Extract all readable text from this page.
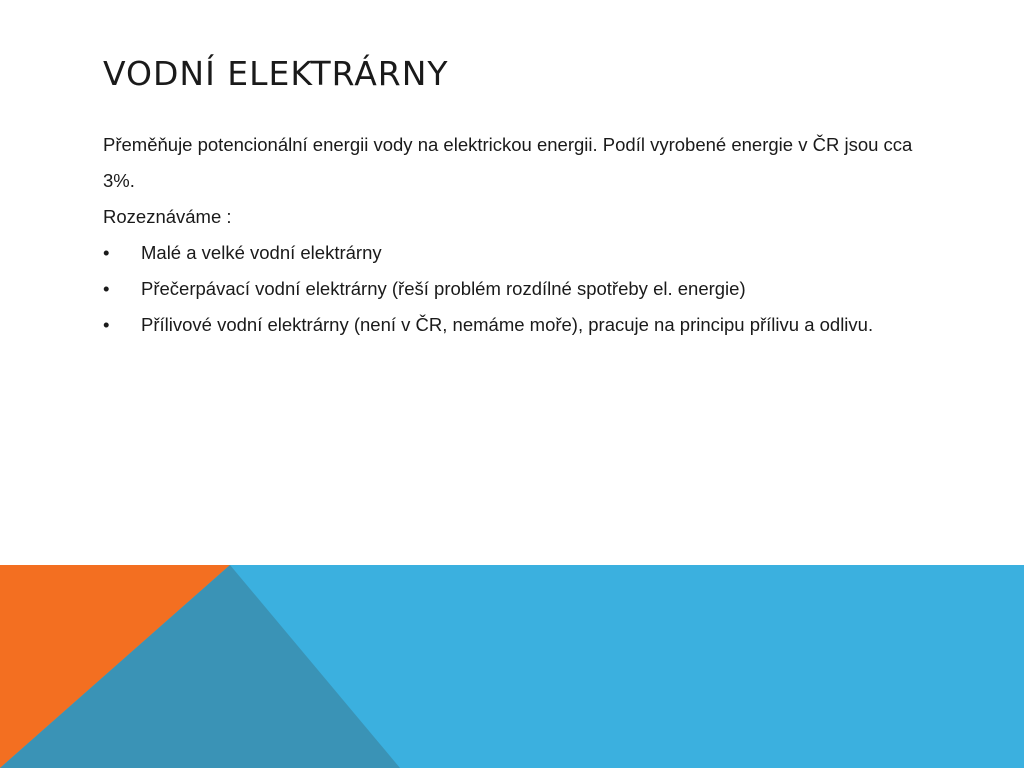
VODNÍ ELEKTRÁRNY

Přeměňuje potencionální energii vody na elektrickou energii. Podíl vyrobené energie v ČR jsou cca 3%.

Rozeznáváme :

• Malé a velké vodní elektrárny
• Přečerpávací vodní elektrárny (řeší problém rozdílné spotřeby el. energie)
• Přílivové vodní elektrárny (není v ČR, nemáme moře), pracuje na principu přílivu a odlivu.
